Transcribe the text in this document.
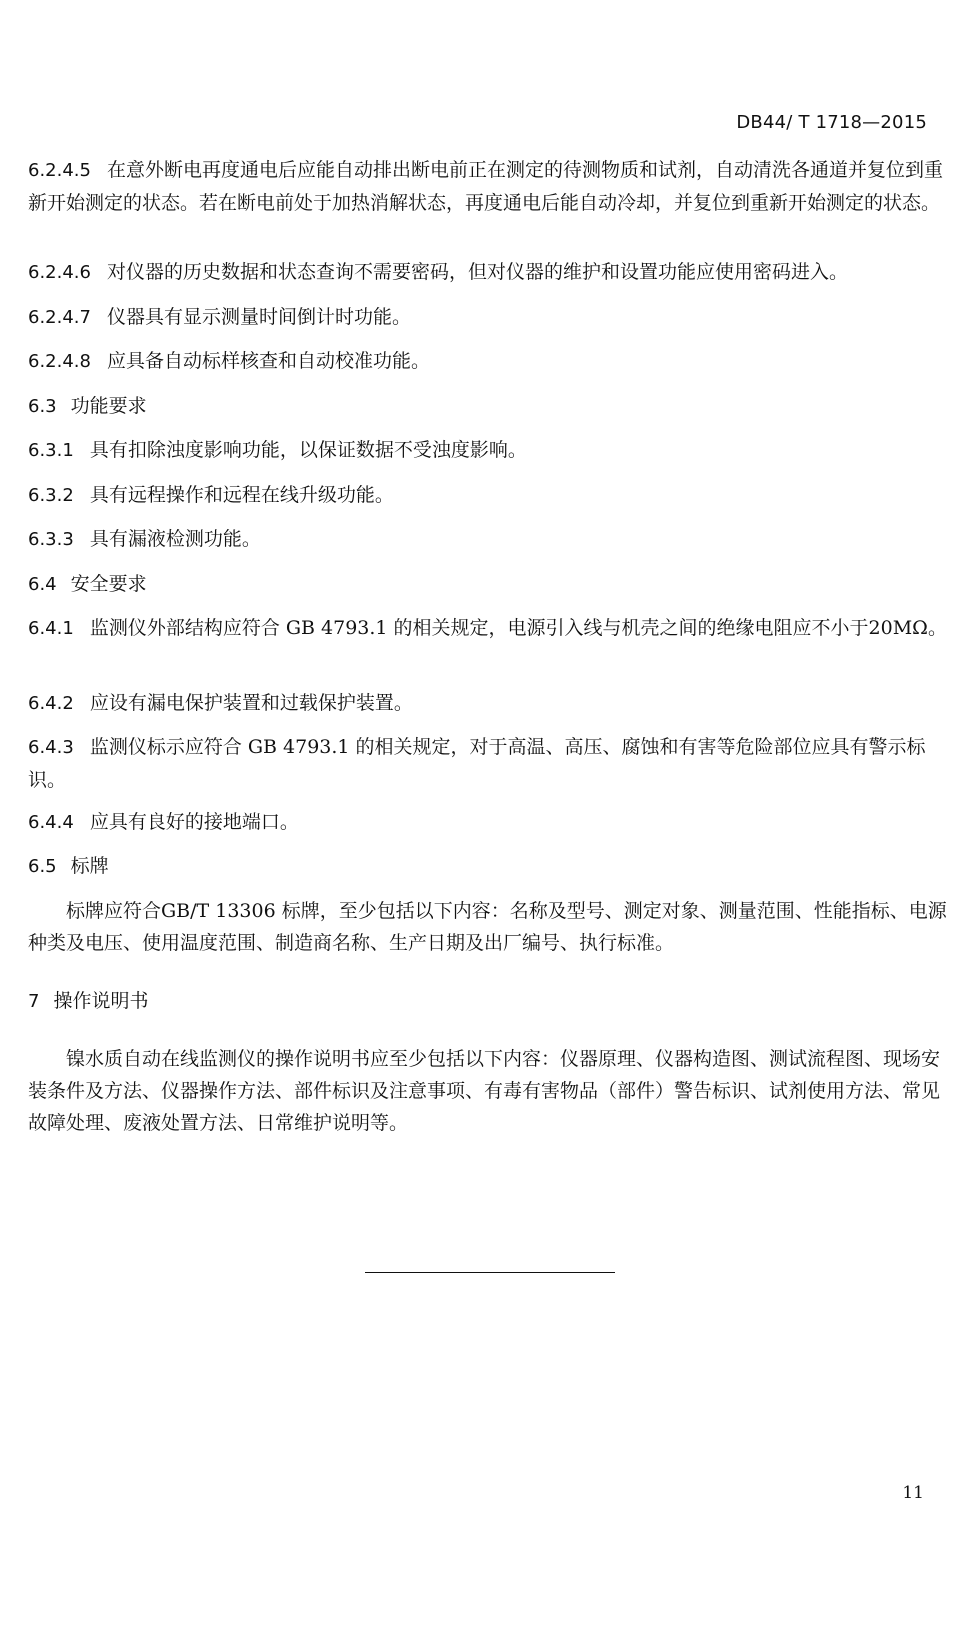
DB44/ T 1718—2015
6.2.4.5 在意外断电再度通电后应能自动排出断电前正在测定的待测物质和试剂，自动清洗各通道并复位到重新开始测定的状态。若在断电前处于加热消解状态，再度通电后能自动冷却，并复位到重新开始测定的状态。
6.2.4.6 对仪器的历史数据和状态查询不需要密码，但对仪器的维护和设置功能应使用密码进入。
6.2.4.7 仪器具有显示测量时间倒计时功能。
6.2.4.8 应具备自动标样核查和自动校准功能。
6.3 功能要求
6.3.1 具有扣除浊度影响功能，以保证数据不受浊度影响。
6.3.2 具有远程操作和远程在线升级功能。
6.3.3 具有漏液检测功能。
6.4 安全要求
6.4.1 监测仪外部结构应符合 GB 4793.1 的相关规定，电源引入线与机壳之间的绝缘电阻应不小于20MΩ。
6.4.2 应设有漏电保护装置和过载保护装置。
6.4.3 监测仪标示应符合 GB 4793.1 的相关规定，对于高温、高压、腐蚀和有害等危险部位应具有警示标识。
6.4.4 应具有良好的接地端口。
6.5 标牌
标牌应符合GB/T 13306 标牌，至少包括以下内容：名称及型号、测定对象、测量范围、性能指标、电源种类及电压、使用温度范围、制造商名称、生产日期及出厂编号、执行标准。
7 操作说明书
镍水质自动在线监测仪的操作说明书应至少包括以下内容：仪器原理、仪器构造图、测试流程图、现场安装条件及方法、仪器操作方法、部件标识及注意事项、有毒有害物品（部件）警告标识、试剂使用方法、常见故障处理、废液处置方法、日常维护说明等。
11
